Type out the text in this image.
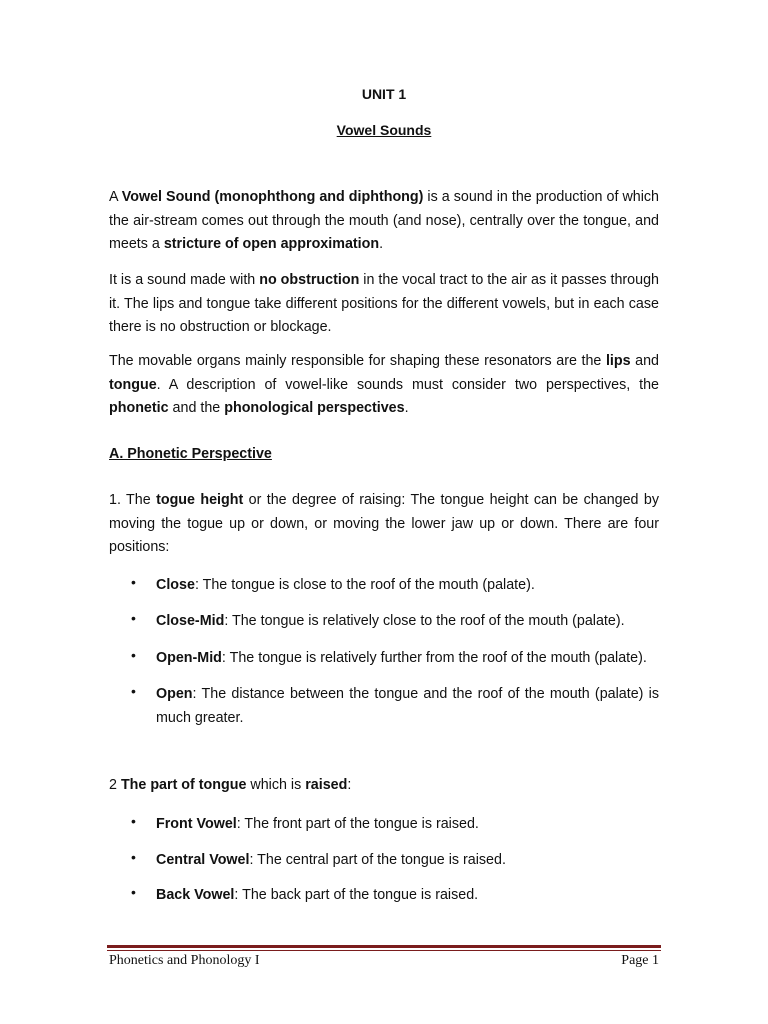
UNIT 1
Vowel Sounds

A Vowel Sound (monophthong and diphthong) is a sound in the production of which the air-stream comes out through the mouth (and nose), centrally over the tongue, and meets a stricture of open approximation.

It is a sound made with no obstruction in the vocal tract to the air as it passes through it. The lips and tongue take different positions for the different vowels, but in each case there is no obstruction or blockage.

The movable organs mainly responsible for shaping these resonators are the lips and tongue. A description of vowel-like sounds must consider two perspectives, the phonetic and the phonological perspectives.

A. Phonetic Perspective

1. The togue height or the degree of raising: The tongue height can be changed by moving the togue up or down, or moving the lower jaw up or down. There are four positions:

• Close: The tongue is close to the roof of the mouth (palate).
• Close-Mid: The tongue is relatively close to the roof of the mouth (palate).
• Open-Mid: The tongue is relatively further from the roof of the mouth (palate).
• Open: The distance between the tongue and the roof of the mouth (palate) is much greater.

2 The part of tongue which is raised:

• Front Vowel: The front part of the tongue is raised.
• Central Vowel: The central part of the tongue is raised.
• Back Vowel: The back part of the tongue is raised.
Phonetics and Phonology I	Page 1
